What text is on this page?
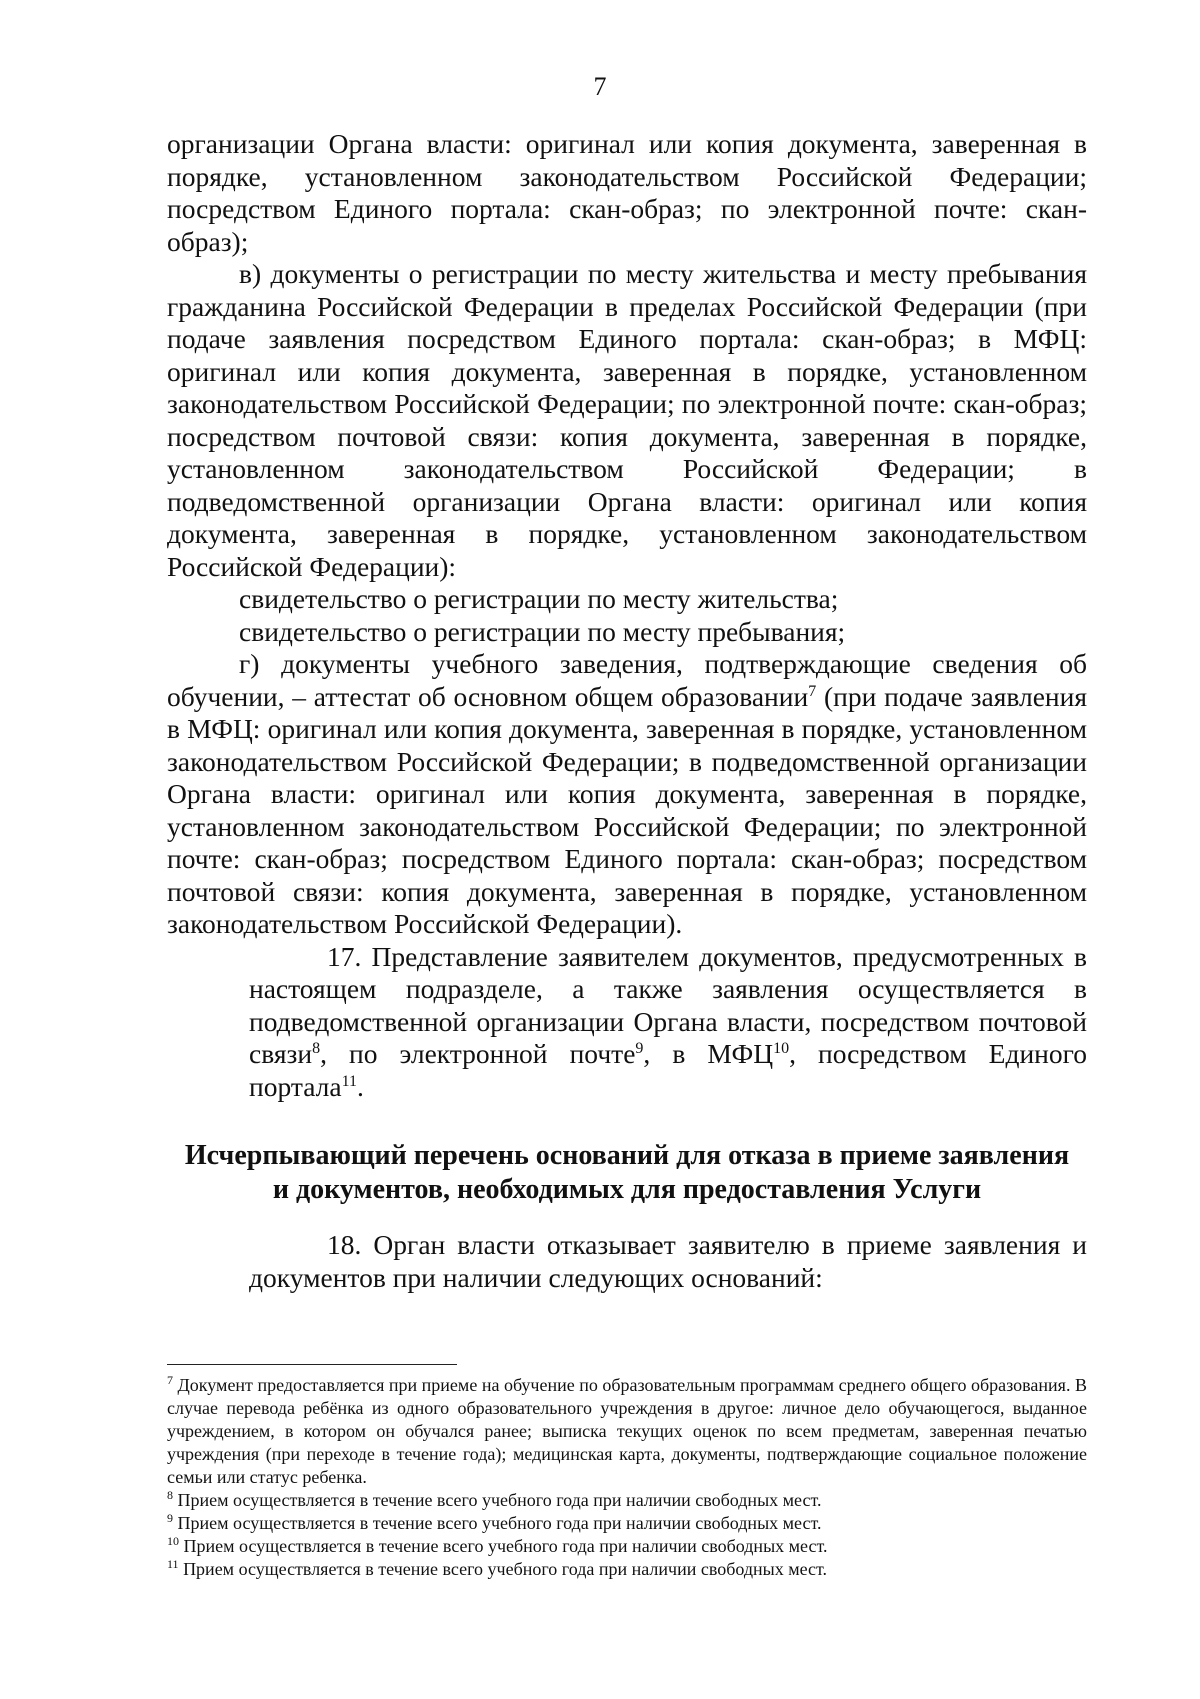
7

организации Органа власти: оригинал или копия документа, заверенная в порядке, установленном законодательством Российской Федерации; посредством Единого портала: скан-образ; по электронной почте: скан-образ);

в) документы о регистрации по месту жительства и месту пребывания гражданина Российской Федерации в пределах Российской Федерации (при подаче заявления посредством Единого портала: скан-образ; в МФЦ: оригинал или копия документа, заверенная в порядке, установленном законодательством Российской Федерации; по электронной почте: скан-образ; посредством почтовой связи: копия документа, заверенная в порядке, установленном законодательством Российской Федерации; в подведомственной организации Органа власти: оригинал или копия документа, заверенная в порядке, установленном законодательством Российской Федерации):

свидетельство о регистрации по месту жительства;

свидетельство о регистрации по месту пребывания;

г) документы учебного заведения, подтверждающие сведения об обучении, – аттестат об основном общем образовании$^7$ (при подаче заявления в МФЦ: оригинал или копия документа, заверенная в порядке, установленном законодательством Российской Федерации; в подведомственной организации Органа власти: оригинал или копия документа, заверенная в порядке, установленном законодательством Российской Федерации; по электронной почте: скан-образ; посредством Единого портала: скан-образ; посредством почтовой связи: копия документа, заверенная в порядке, установленном законодательством Российской Федерации).

17. Представление заявителем документов, предусмотренных в настоящем подразделе, а также заявления осуществляется в подведомственной организации Органа власти, посредством почтовой связи$^8$, по электронной почте$^9$, в МФЦ$^{10}$, посредством Единого портала$^{11}$.

Исчерпывающий перечень оснований для отказа в приеме заявления
и документов, необходимых для предоставления Услуги

18. Орган власти отказывает заявителю в приеме заявления и документов при наличии следующих оснований:

$^7$ Документ предоставляется при приеме на обучение по образовательным программам среднего общего образования. В случае перевода ребёнка из одного образовательного учреждения в другое: личное дело обучающегося, выданное учреждением, в котором он обучался ранее; выписка текущих оценок по всем предметам, заверенная печатью учреждения (при переходе в течение года); медицинская карта, документы, подтверждающие социальное положение семьи или статус ребенка.

$^8$ Прием осуществляется в течение всего учебного года при наличии свободных мест.

$^9$ Прием осуществляется в течение всего учебного года при наличии свободных мест.

$^{10}$ Прием осуществляется в течение всего учебного года при наличии свободных мест.

$^{11}$ Прием осуществляется в течение всего учебного года при наличии свободных мест.
